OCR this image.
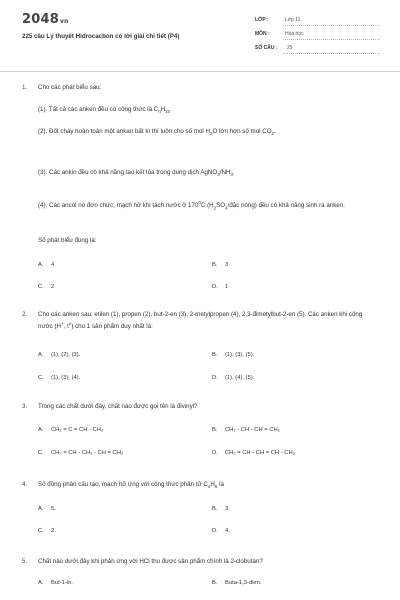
2048vn
225 câu Lý thuyết Hidrocacbon có lời giải chi tiết (P4)
LỚP :	Lớp 11
MÔN :	Hóa học
SỐ CÂU : 25
1. Cho các phát biểu sau:
(1). Tất cả các anken đều có công thức là $C_nH_{2n}$.
(2). Đốt cháy hoàn toàn một ankan bất kì thì luôn cho số mol $H_2O$ lớn hơn số mol $CO_2$.
(3). Các ankin đều có khả năng tạo kết tủa trong dung dịch $AgNO_3/NH_3$.
(4). Các ancol no đơn chức, mạch hở khi tách nước ở $170^0C$ ($H_2SO_4$/đặc nóng) đều có khả năng sinh ra anken.
Số phát biểu đúng là:
A. 4	B. 3
C. 2	D. 1
2. Cho các anken sau: etilen (1), propen (2), but-2-en (3), 2-metylpropen (4), 2,3-đimetylbut-2-en (5). Các anken khi cộng nước (H+, $t^o$) cho 1 sản phẩm duy nhất là:
A. (1), (2), (3).	B. (1), (3), (5).
C. (1), (3), (4).	D. (1), (4), (5).
3. Trong các chất dưới đây, chất nào được gọi tên là đivinyl?
A. CH₂ = C = CH - CH₃	B. CH₂ - CH - CH = CH₂
C. CH₂ = CH - CH₂ - CH = CH₂	D. CH₂ = CH - CH = CH - CH₃
4. Số đồng phân cấu tạo, mạch hở ứng với công thức phân tử $C_4H_6$ là
A. 5.	B. 3.
C. 2.	D. 4.
5. Chất nào dưới đây khi phản ứng với HCl thu được sản phẩm chính là 2-clobutan?
A. But-1-in.	B. Buta-1,3-dien.
